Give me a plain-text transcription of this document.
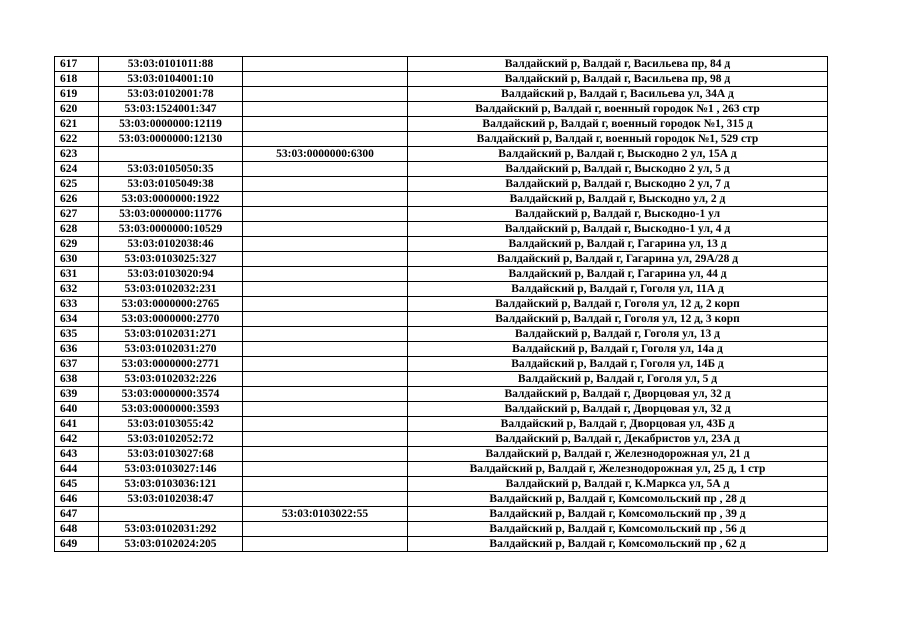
617	53:03:0101011:88		Валдайский р, Валдай г, Васильева пр, 84 д
618	53:03:0104001:10		Валдайский р, Валдай г, Васильева пр, 98 д
619	53:03:0102001:78		Валдайский р, Валдай г, Васильева ул, 34А д
620	53:03:1524001:347		Валдайский р, Валдай г, военный городок №1 , 263 стр
621	53:03:0000000:12119		Валдайский р, Валдай г, военный городок №1, 315 д
622	53:03:0000000:12130		Валдайский р, Валдай г, военный городок №1, 529 стр
623		53:03:0000000:6300	Валдайский р, Валдай г, Выскодно 2 ул, 15А д
624	53:03:0105050:35		Валдайский р, Валдай г, Выскодно 2 ул, 5 д
625	53:03:0105049:38		Валдайский р, Валдай г, Выскодно 2 ул, 7 д
626	53:03:0000000:1922		Валдайский р, Валдай г, Выскодно ул, 2 д
627	53:03:0000000:11776		Валдайский р, Валдай г, Выскодно-1 ул
628	53:03:0000000:10529		Валдайский р, Валдай г, Выскодно-1 ул, 4 д
629	53:03:0102038:46		Валдайский р, Валдай г, Гагарина ул, 13 д
630	53:03:0103025:327		Валдайский р, Валдай г, Гагарина ул, 29А/28 д
631	53:03:0103020:94		Валдайский р, Валдай г, Гагарина ул, 44 д
632	53:03:0102032:231		Валдайский р, Валдай г, Гоголя ул, 11А д
633	53:03:0000000:2765		Валдайский р, Валдай г, Гоголя ул, 12 д, 2 корп
634	53:03:0000000:2770		Валдайский р, Валдай г, Гоголя ул, 12 д, 3 корп
635	53:03:0102031:271		Валдайский р, Валдай г, Гоголя ул, 13 д
636	53:03:0102031:270		Валдайский р, Валдай г, Гоголя ул, 14а д
637	53:03:0000000:2771		Валдайский р, Валдай г, Гоголя ул, 14Б д
638	53:03:0102032:226		Валдайский р, Валдай г, Гоголя ул, 5 д
639	53:03:0000000:3574		Валдайский р, Валдай г, Дворцовая ул, 32 д
640	53:03:0000000:3593		Валдайский р, Валдай г, Дворцовая ул, 32 д
641	53:03:0103055:42		Валдайский р, Валдай г, Дворцовая ул, 43Б д
642	53:03:0102052:72		Валдайский р, Валдай г, Декабристов ул, 23А д
643	53:03:0103027:68		Валдайский р, Валдай г, Железнодорожная ул, 21 д
644	53:03:0103027:146		Валдайский р, Валдай г, Железнодорожная ул, 25 д, 1 стр
645	53:03:0103036:121		Валдайский р, Валдай г, К.Маркса ул, 5А д
646	53:03:0102038:47		Валдайский р, Валдай г, Комсомольский пр , 28 д
647		53:03:0103022:55	Валдайский р, Валдай г, Комсомольский пр , 39 д
648	53:03:0102031:292		Валдайский р, Валдай г, Комсомольский пр , 56 д
649	53:03:0102024:205		Валдайский р, Валдай г, Комсомольский пр , 62 д
